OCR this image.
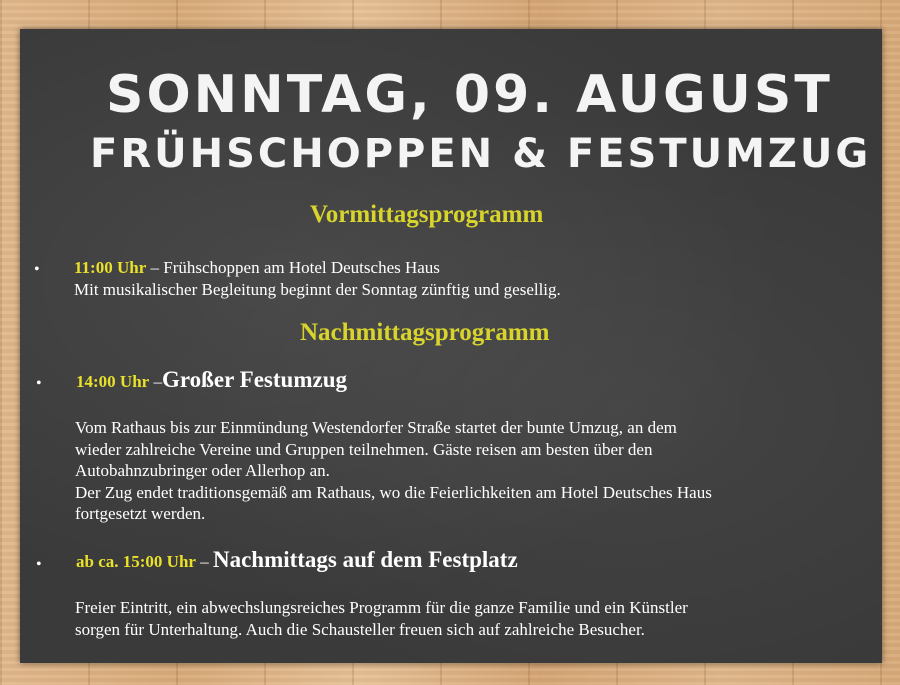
SONNTAG, 09. AUGUST
FRÜHSCHOPPEN & FESTUMZUG
Vormittagsprogramm
• 11:00 Uhr – Frühschoppen am Hotel Deutsches Haus
Mit musikalischer Begleitung beginnt der Sonntag zünftig und gesellig.
Nachmittagsprogramm
• 14:00 Uhr –Großer Festumzug
Vom Rathaus bis zur Einmündung Westendorfer Straße startet der bunte Umzug, an dem
wieder zahlreiche Vereine und Gruppen teilnehmen. Gäste reisen am besten über den
Autobahnzubringer oder Allerhop an.
Der Zug endet traditionsgemäß am Rathaus, wo die Feierlichkeiten am Hotel Deutsches Haus
fortgesetzt werden.
• ab ca. 15:00 Uhr – Nachmittags auf dem Festplatz
Freier Eintritt, ein abwechslungsreiches Programm für die ganze Familie und ein Künstler
sorgen für Unterhaltung. Auch die Schausteller freuen sich auf zahlreiche Besucher.
